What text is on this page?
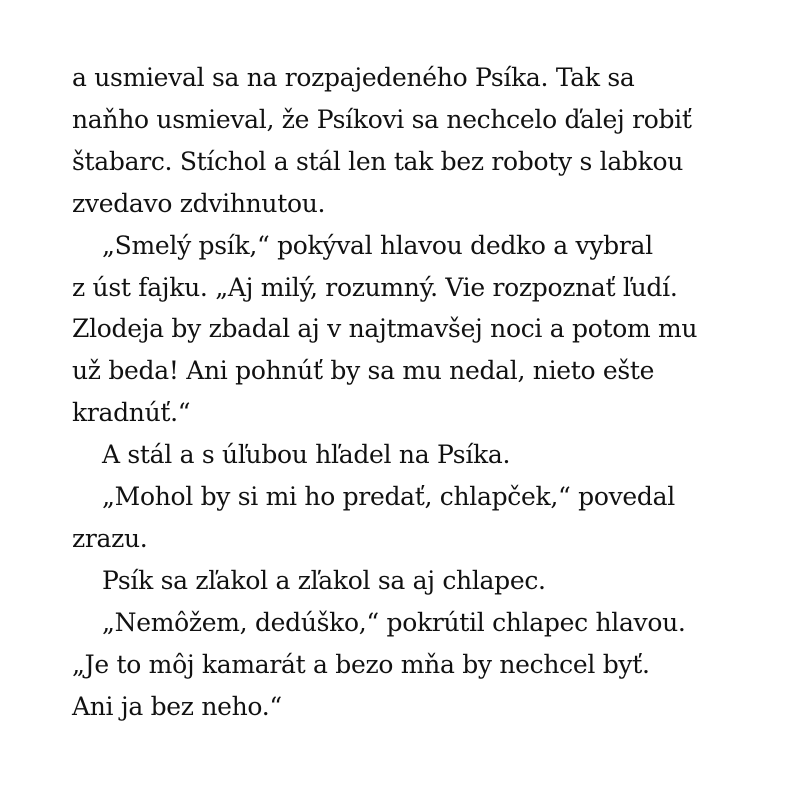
a usmieval sa na rozpajedeného Psíka. Tak sa
naňho usmieval, že Psíkovi sa nechcelo ďalej robiť
štabarc. Stíchol a stál len tak bez roboty s labkou
zvedavo zdvihnutou.
„Smelý psík,“ pokýval hlavou dedko a vybral
z úst fajku. „Aj milý, rozumný. Vie rozpoznať ľudí.
Zlodeja by zbadal aj v najtmavšej noci a potom mu
už beda! Ani pohnúť by sa mu nedal, nieto ešte
kradnúť.“
A stál a s úľubou hľadel na Psíka.
„Mohol by si mi ho predať, chlapček,“ povedal
zrazu.
Psík sa zľakol a zľakol sa aj chlapec.
„Nemôžem, dedúško,“ pokrútil chlapec hlavou.
„Je to môj kamarát a bezo mňa by nechcel byť.
Ani ja bez neho.“
